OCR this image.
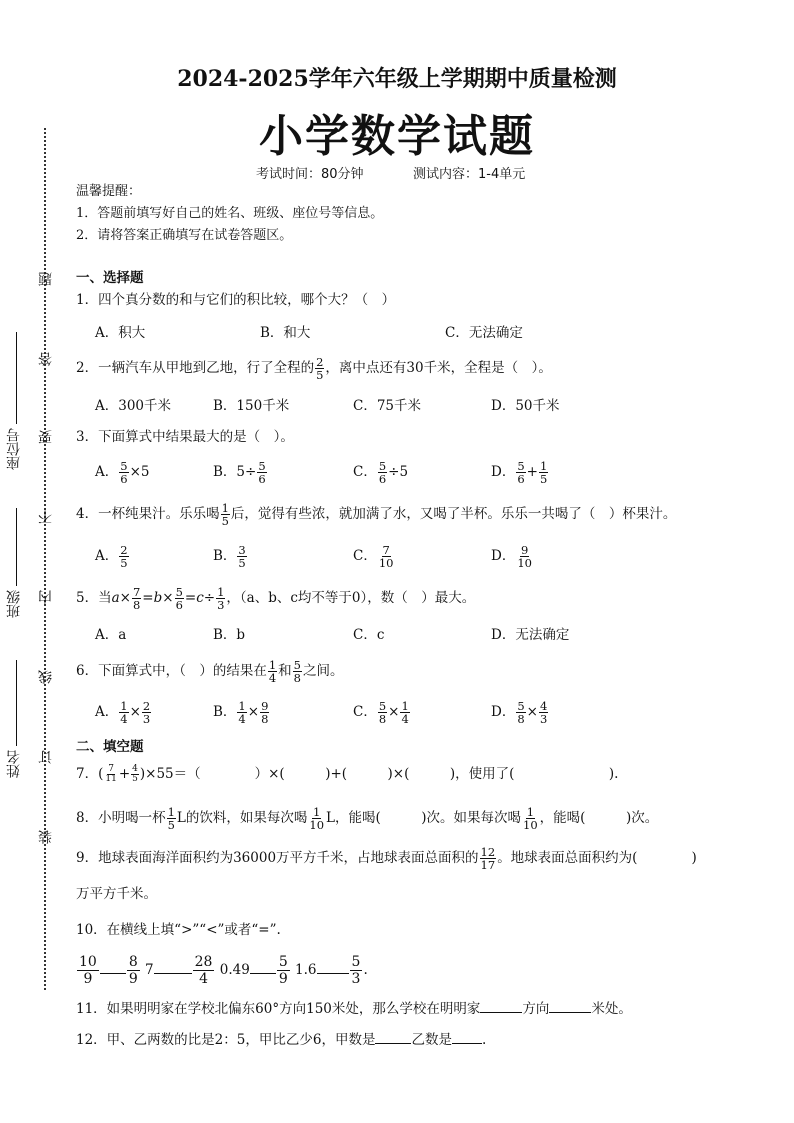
座位号
班级
姓名
题
答
要
不
内
线
订
装
2024-2025学年六年级上学期期中质量检测
小学数学试题
考试时间：80分钟	测试内容：1-4单元
温馨提醒：
1．答题前填写好自己的姓名、班级、座位号等信息。
2．请将答案正确填写在试卷答题区。
一、选择题
1．四个真分数的和与它们的积比较，哪个大？（　）
A．积大	B．和大	C．无法确定
2．一辆汽车从甲地到乙地，行了全程的 $\frac{2}{5}$ ，离中点还有30千米，全程是（　）。
A．300千米	B．150千米	C．75千米	D．50千米
3．下面算式中结果最大的是（　）。
A． $\frac{5}{6} \times 5$	B．$5\div \frac{5}{6}$	C． $\frac{5}{6} \div 5$	D． $\frac{5}{6} + \frac{1}{5}$
4．一杯纯果汁。乐乐喝 $\frac{1}{5}$ 后，觉得有些浓，就加满了水，又喝了半杯。乐乐一共喝了（　）杯果汁。
A． $\frac{2}{5}$	B． $\frac{3}{5}$	C． $\frac{7}{10}$	D． $\frac{9}{10}$
5．当$a\times \frac{7}{8} =b\times \frac{5}{6} =c\div \frac{1}{3}$ ，（a、b、c均不等于0），数（　）最大。
A．a	B．b	C．c	D．无法确定
6．下面算式中，（　）的结果在 $\frac{1}{4}$ 和 $\frac{5}{8}$ 之间。
A． $\frac{1}{4} \times \frac{2}{3}$	B． $\frac{1}{4} \times \frac{9}{8}$	C． $\frac{5}{8} \times \frac{1}{4}$	D． $\frac{5}{8} \times \frac{4}{3}$
二、填空题
7．( $\frac{7}{11} + \frac{4}{5} )\times 55=$（　　　　）×(　　　)+(　　　)×(　　　)，使用了(　　　　　　　).
8．小明喝一杯 $\frac{1}{5}$ L的饮料，如果每次喝 $\frac{1}{10}$ L，能喝(　　　)次。如果每次喝 $\frac{1}{10}$ ，能喝(　　　)次。
9．地球表面海洋面积约为36000万平方千米，占地球表面总面积的 $\frac{12}{17}$ 。地球表面总面积约为(　　　　)
万平方千米。
10．在横线上填“>”“<”或者“=”.
$\frac{10}{9} \frac{8}{9} 7$	$\frac{28}{4} 0.49 \frac{5}{9} 1.6 \frac{5}{3}$ .
11．如果明明家在学校北偏东60°方向150米处，那么学校在明明家	方向	米处。
12．甲、乙两数的比是2：5，甲比乙少6，甲数是	乙数是 .
